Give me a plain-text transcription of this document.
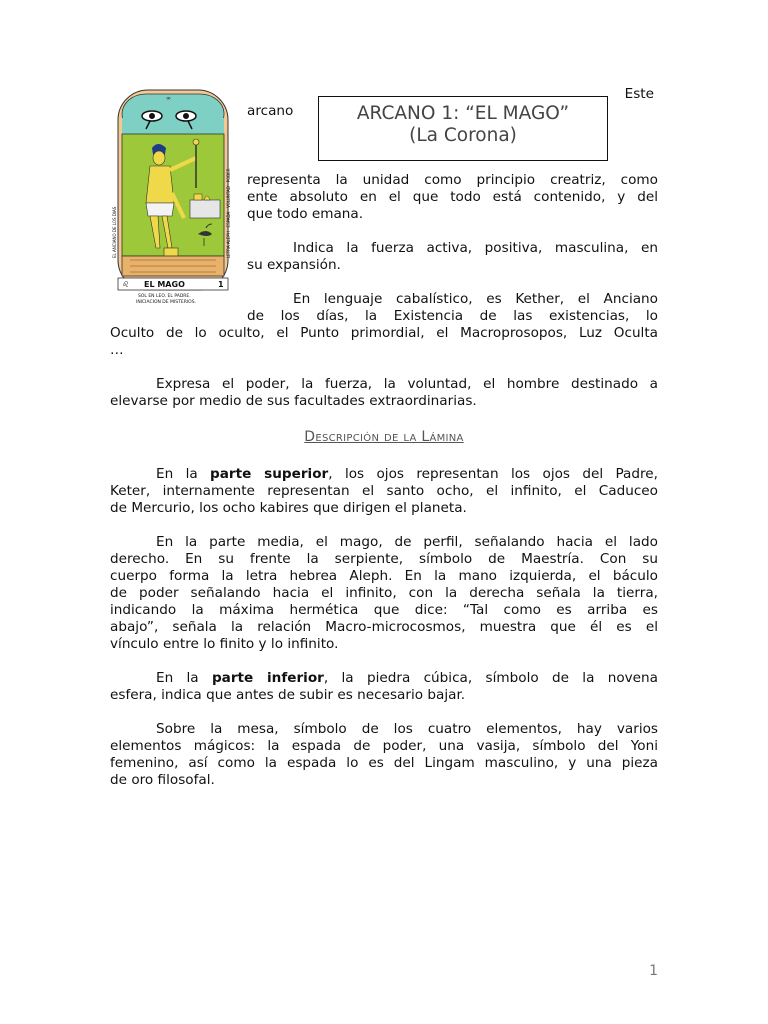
∞
♌ EL MAGO	1
SOL EN LEO. EL PADRE.
INICIACION DE MISTERIOS.
EL ANCIANO DE LOS DIAS	LETRA ALEPH · ESPADA · VOLUNTAD · PODER
ARCANO 1: “EL MAGO”
(La Corona)
Este
arcano
representa la unidad como principio creatriz, como
ente absoluto en el que todo está contenido, y del
que todo emana.
Indica la fuerza activa, positiva, masculina, en
su expansión.
En lenguaje cabalístico, es Kether, el Anciano
de los días, la Existencia de las existencias, lo
Oculto de lo oculto, el Punto primordial, el Macroprosopos, Luz Oculta
…
Expresa el poder, la fuerza, la voluntad, el hombre destinado a
elevarse por medio de sus facultades extraordinarias.
Descripción de la Lámina
En la parte superior, los ojos representan los ojos del Padre,
Keter, internamente representan el santo ocho, el infinito, el Caduceo
de Mercurio, los ocho kabires que dirigen el planeta.
En la parte media, el mago, de perfil, señalando hacia el lado
derecho. En su frente la serpiente, símbolo de Maestría. Con su
cuerpo forma la letra hebrea Aleph. En la mano izquierda, el báculo
de poder señalando hacia el infinito, con la derecha señala la tierra,
indicando la máxima hermética que dice: “Tal como es arriba es
abajo”, señala la relación Macro-microcosmos, muestra que él es el
vínculo entre lo finito y lo infinito.
En la parte inferior, la piedra cúbica, símbolo de la novena
esfera, indica que antes de subir es necesario bajar.
Sobre la mesa, símbolo de los cuatro elementos, hay varios
elementos mágicos: la espada de poder, una vasija, símbolo del Yoni
femenino, así como la espada lo es del Lingam masculino, y una pieza
de oro filosofal.
1
